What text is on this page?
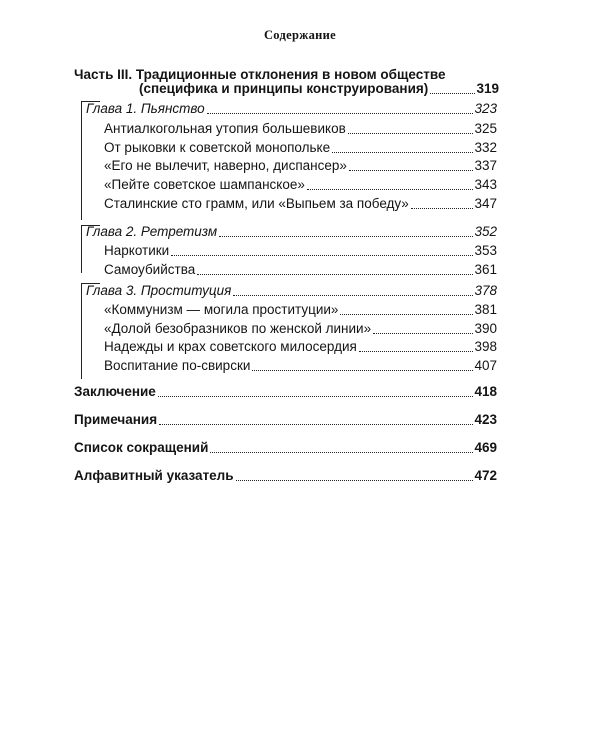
Содержание
Часть III. Традиционные отклонения в новом обществе
(специфика и принципы конструирования)	319
Глава 1. Пьянство	323
Антиалкогольная утопия большевиков	325
От рыковки к советской монопольке	332
«Его не вылечит, наверно, диспансер»	337
«Пейте советское шампанское»	343
Сталинские сто грамм, или «Выпьем за победу»	347
Глава 2. Ретретизм	352
Наркотики	353
Самоубийства	361
Глава 3. Проституция	378
«Коммунизм — могила проституции»	381
«Долой безобразников по женской линии»	390
Надежды и крах советского милосердия	398
Воспитание по-свирски	407
Заключение	418
Примечания	423
Список сокращений	469
Алфавитный указатель	472
